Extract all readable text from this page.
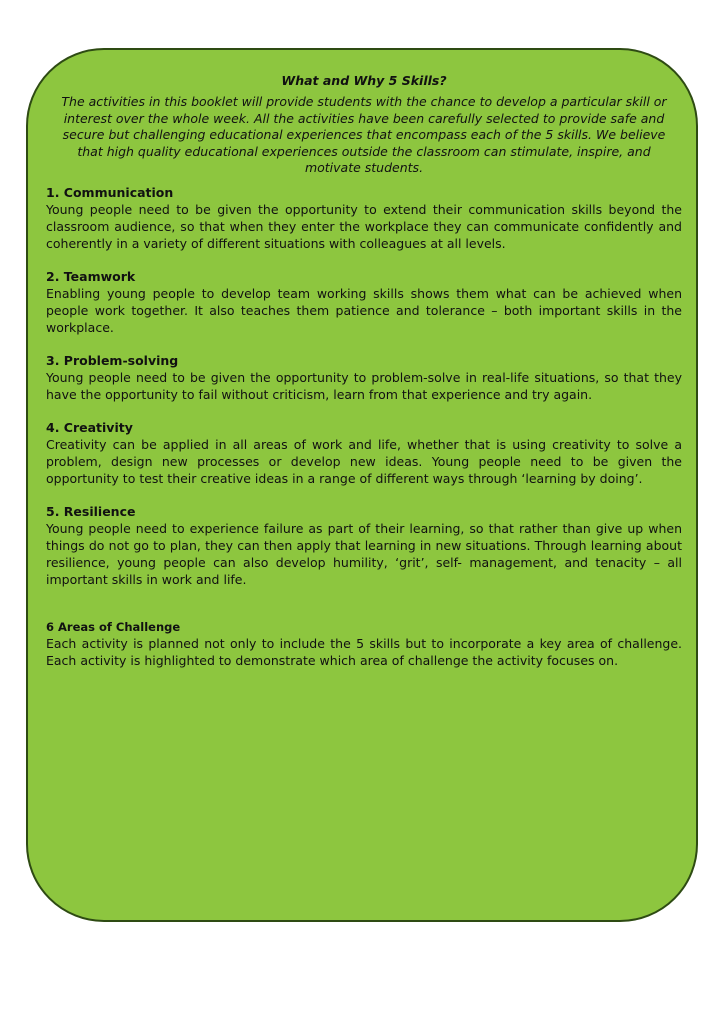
What and Why 5 Skills?
The activities in this booklet will provide students with the chance to develop a particular skill or interest over the whole week. All the activities have been carefully selected to provide safe and secure but challenging educational experiences that encompass each of the 5 skills. We believe that high quality educational experiences outside the classroom can stimulate, inspire, and motivate students.
1. Communication

Young people need to be given the opportunity to extend their communication skills beyond the classroom audience, so that when they enter the workplace they can communicate confidently and coherently in a variety of different situations with colleagues at all levels.

2. Teamwork

Enabling young people to develop team working skills shows them what can be achieved when people work together. It also teaches them patience and tolerance – both important skills in the workplace.

3. Problem-solving

Young people need to be given the opportunity to problem-solve in real-life situations, so that they have the opportunity to fail without criticism, learn from that experience and try again.

4. Creativity

Creativity can be applied in all areas of work and life, whether that is using creativity to solve a problem, design new processes or develop new ideas. Young people need to be given the opportunity to test their creative ideas in a range of different ways through ‘learning by doing’.

5. Resilience

Young people need to experience failure as part of their learning, so that rather than give up when things do not go to plan, they can then apply that learning in new situations. Through learning about resilience, young people can also develop humility, ‘grit’, self- management, and tenacity – all important skills in work and life.

6 Areas of Challenge

Each activity is planned not only to include the 5 skills but to incorporate a key area of challenge. Each activity is highlighted to demonstrate which area of challenge the activity focuses on.
